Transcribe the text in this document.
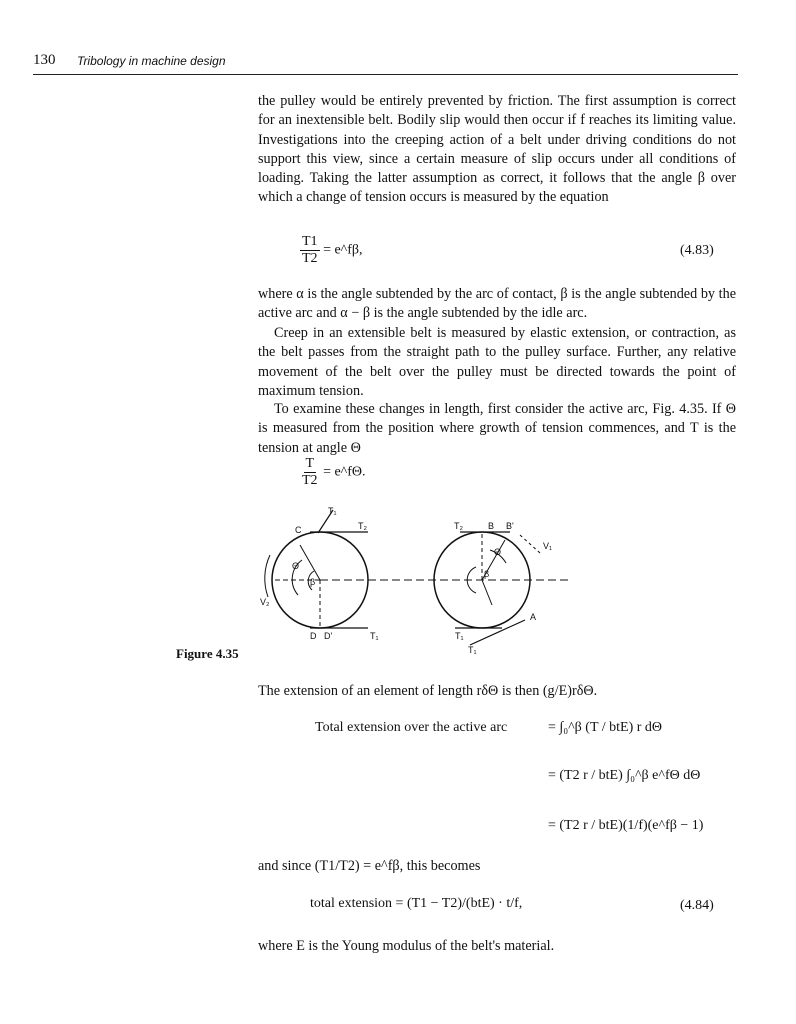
130 Tribology in machine design

the pulley would be entirely prevented by friction. The first assumption is correct for an inextensible belt. Bodily slip would then occur if f reaches its limiting value. Investigations into the creeping action of a belt under driving conditions do not support this view, since a certain measure of slip occurs under all conditions of loading. Taking the latter assumption as correct, it follows that the angle β over which a change of tension occurs is measured by the equation

$\frac{T1}{T2}$ = e^fβ,	(4.83)

where α is the angle subtended by the arc of contact, β is the angle subtended by the active arc and α − β is the angle subtended by the idle arc.

Creep in an extensible belt is measured by elastic extension, or contraction, as the belt passes from the straight path to the pulley surface. Further, any relative movement of the belt over the pulley must be directed towards the point of maximum tension.

To examine these changes in length, first consider the active arc, Fig. 4.35. If Θ is measured from the position where growth of tension commences, and T is the tension at angle Θ

$\frac{T}{T2}$ = e^fΘ.
T₁
T₂
C
Θ
β
V₂
D D'	T₁
T₂	B B'
Θ
β
V₁
A
T₁
T₁
Figure 4.35

The extension of an element of length rδΘ is then (g/E)rδΘ.

Total extension over the active arc	= ∫₀^β (T / btE) r dΘ
= (T2 r / btE) ∫₀^β e^fΘ dΘ
= (T2 r / btE)(1/f)(e^fβ − 1)

and since (T1/T2) = e^fβ, this becomes

total extension = (T1 − T2)/(btE) · t/f,	(4.84)

where E is the Young modulus of the belt's material.
